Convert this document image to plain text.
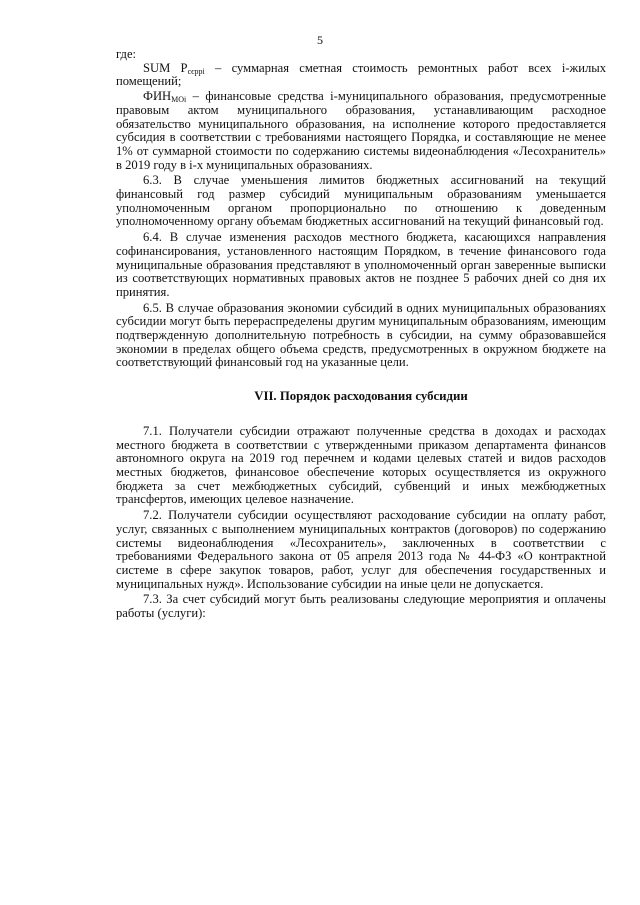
5

где:

SUM $P_{сєррі}$ – суммарная сметная стоимость ремонтных работ всех i-жилых помещений;

$ФИН_{МОі}$ – финансовые средства i-муниципального образования, предусмотренные правовым актом муниципального образования, устанавливающим расходное обязательство муниципального образования, на исполнение которого предоставляется субсидия в соответствии с требованиями настоящего Порядка, и составляющие не менее 1% от суммарной стоимости по содержанию системы видеонаблюдения «Лесохранитель» в 2019 году в i-х муниципальных образованиях.

6.3. В случае уменьшения лимитов бюджетных ассигнований на текущий финансовый год размер субсидий муниципальным образованиям уменьшается уполномоченным органом пропорционально по отношению к доведенным уполномоченному органу объемам бюджетных ассигнований на текущий финансовый год.

6.4. В случае изменения расходов местного бюджета, касающихся направления софинансирования, установленного настоящим Порядком, в течение финансового года муниципальные образования представляют в уполномоченный орган заверенные выписки из соответствующих нормативных правовых актов не позднее 5 рабочих дней со дня их принятия.

6.5. В случае образования экономии субсидий в одних муниципальных образованиях субсидии могут быть перераспределены другим муниципальным образованиям, имеющим подтвержденную дополнительную потребность в субсидии, на сумму образовавшейся экономии в пределах общего объема средств, предусмотренных в окружном бюджете на соответствующий финансовый год на указанные цели.

VII. Порядок расходования субсидии

7.1. Получатели субсидии отражают полученные средства в доходах и расходах местного бюджета в соответствии с утвержденными приказом департамента финансов автономного округа на 2019 год перечнем и кодами целевых статей и видов расходов местных бюджетов, финансовое обеспечение которых осуществляется из окружного бюджета за счет межбюджетных субсидий, субвенций и иных межбюджетных трансфертов, имеющих целевое назначение.

7.2. Получатели субсидии осуществляют расходование субсидии на оплату работ, услуг, связанных с выполнением муниципальных контрактов (договоров) по содержанию системы видеонаблюдения «Лесохранитель», заключенных в соответствии с требованиями Федерального закона от 05 апреля 2013 года № 44-ФЗ «О контрактной системе в сфере закупок товаров, работ, услуг для обеспечения государственных и муниципальных нужд». Использование субсидии на иные цели не допускается.

7.3. За счет субсидий могут быть реализованы следующие мероприятия и оплачены работы (услуги):
